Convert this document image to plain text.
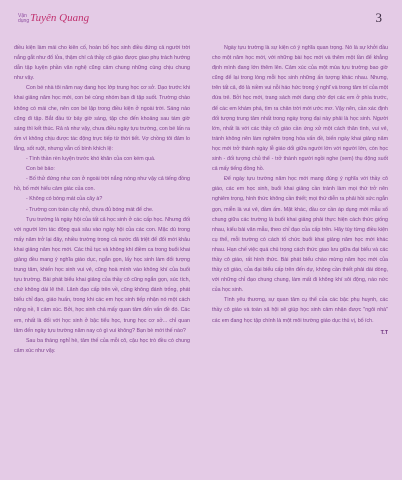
Vận
dụng Tuyên Quang	3

điều kiện làm mái cho kiên cố, hoàn bố học sinh điều đứng cả người trời nắng gắt như đổ lửa, thậm chí cả thầy cô giáo được giao phụ trách hướng dẫn tập luyện phần văn nghệ cũng cảm chung những cùng chịu chung như vậy.

Con bé nhà tôi năm nay đang học lớp trung học cơ sở. Dạo trước khi khai giảng năm học mới, con bé cùng nhóm bạn đi tập suốt. Trường chào không có mái che, nên con bé lập trong điều kiện ở ngoài trời. Sáng nào cũng đi tập. Bắt đầu từ bảy giờ sáng, tập cho đến khoảng sau tám giờ sáng thì kết thúc. Rả rả như vậy, chưa điều ngày tựu trường, con bé lấn ra ốm vì không chịu được tác động trực tiếp từ thời tiết. Vợ chồng tôi đảm lo lắng, sốt ruột, nhưng vẫn cố bình khích lệ:

- Tình thần rèn luyện trước khó khăn của con kém quá.

Con bé bảo:

- Bố thử đứng như con ở ngoài trời nắng nóng như vậy cả tiếng đồng hồ, bố mới hiểu cảm giác của con.

- Không có bóng mát của cây à?

- Trường con toàn cây nhỏ, chưa đủ bóng mát để che.

Tựu trường là ngày hội của tất cả học sinh ở các cấp học. Nhưng đối với người lớn tác động quá sâu vào ngày hội của các con. Mặc dù trong mấy năm trở lại đây, nhiều trường trong cả nước đã triệt để đổi mới khâu khai giảng năm học mới. Các thủ tục và không khí điềm ca trong buổi khai giảng đều mang ý nghĩa giáo dục, ngắn gọn, lấy học sinh làm đối tượng trung tâm, khiến học sinh vui vẻ, cũng hoà mình vào không khí của buổi tựu trường. Bài phát biểu khai giảng của thầy cô cũng ngắn gọn, súc tích, chứ không dài lê thê. Lãnh đạo cấp trên về, cũng không đánh trống, phát biểu chỉ đạo, giáo huấn, trong khi các em học sinh tiếp nhận nó một cách nặng nề, lì cảm xúc. Bởi, học sinh chả mấy quan tâm đến vấn đề đó. Các em, nhất là đối với học sinh ở bậc tiểu học, trung học cơ sở... chỉ quan tâm đến ngày tựu trường năm nay có gì vui không? Bạn bè mới thế nào?

Sau ba tháng nghỉ hè, tâm thế của mỗi cô, cậu học trò đều có chung cảm xúc như vậy.

Ngày tựu trường là sự kiện có ý nghĩa quan trọng. Nó là sự khởi đầu cho một năm học mới, với những bài học mới và thêm một lần để khẳng định mình đang lớn thêm lên. Cảm xúc của một mùa tựu trường bao giờ cũng để lại trong lòng mỗi học sinh những ấn tượng khác nhau. Nhưng, trên tất cả, đó là niềm vui nỗi háo hức trong ý nghĩ và trong tâm trí của một đứa trẻ. Bởi học mới, trang sách mới đang chờ đợi các em ở phía trước, để các em khám phá, tìm ra chân trời mới ước mơ. Vậy nên, cần xác định đối tượng trung tâm nhất trong ngày trọng đại này phải là học sinh. Người lớn, nhất là với các thầy cô giáo cần ứng xử một cách thân tình, vui vẻ, tránh không nên làm nghiêm trọng hóa vấn đề, biến ngày khai giảng năm học mới trở thành ngày lễ giáo dối giữa người lớn với người lớn, còn học sinh - đối tượng chủ thể - trở thành người ngồi nghe (xem) thụ động suốt cả mấy tiếng đồng hồ.

Để ngày tựu trường năm học mới mang đúng ý nghĩa với thầy cô giáo, các em học sinh, buổi khai giảng cần tránh làm mọi thứ trở nên nghiêm trọng, hình thức không cần thiết; mọi thứ diễn ra phải hồi sức ngắn gọn, miễn là vui vẻ, đầm ấm. Mặt khác, đầu cơ cần áp dụng mới mẫu sổ chung giữa các trường là buổi khai giảng phải thực hiện cách thức giống nhau, kiểu bài văn mẫu, theo chỉ đạo của cấp trên. Hãy tùy từng điều kiện cụ thể, mỗi trường có cách tổ chức buổi khai giảng năm học mới khác nhau. Hạn chế việc quá chú trọng cách thức giao lưu giữa đại biểu và các thầy cô giáo, rất hình thức. Bài phát biểu chào mừng năm học mới của thầy cô giáo, của đại biểu cấp trên đến dự, không cần thiết phải dài dòng, với những chỉ đạo chung chung, làm mất đi không khí sôi động, náo nức của học sinh.

Tình yêu thương, sự quan tâm cụ thể của các bậc phụ huynh, các thầy cô giáo và toàn xã hội sẽ giúp học sinh cảm nhận được "ngôi nhà" các em đang học tập chính là một môi trường giáo dục thú vị, bổ ích.

T.T
